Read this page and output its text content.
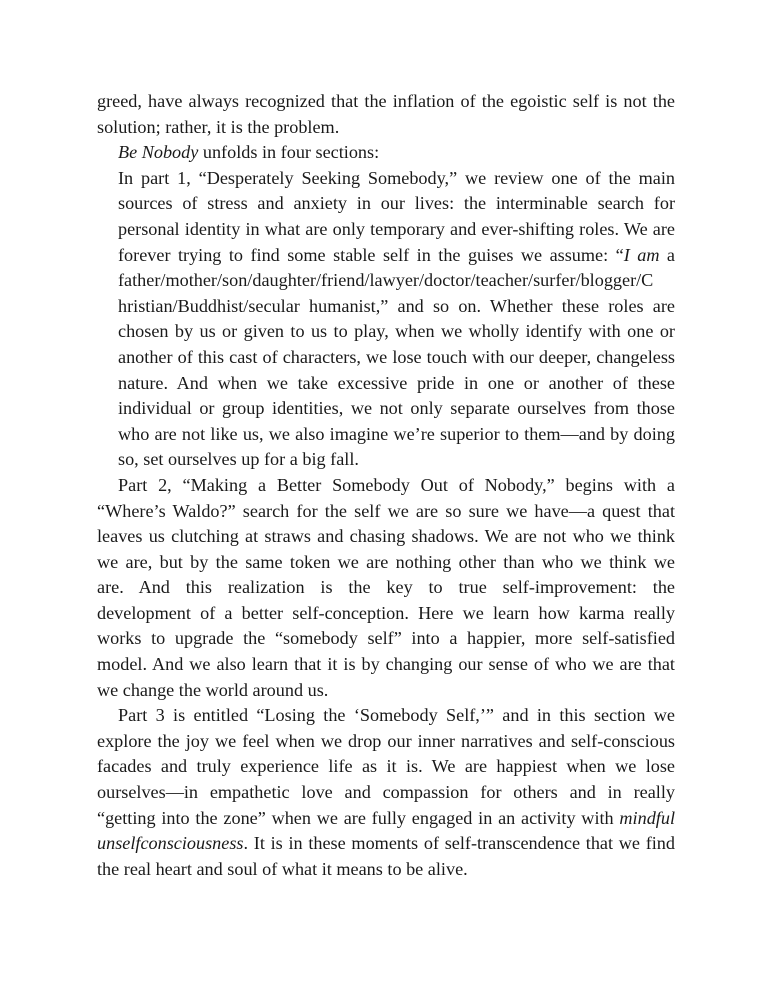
greed, have always recognized that the inflation of the egoistic self is not the
solution; rather, it is the problem.

Be Nobody unfolds in four sections:

In part 1, “Desperately Seeking Somebody,” we review one of the main
sources of stress and anxiety in our lives: the interminable search for
personal identity in what are only temporary and ever-shifting roles. We are
forever trying to find some stable self in the guises we assume: “I am a
father/mother/son/daughter/friend/lawyer/doctor/teacher/surfer/blogger/C
hristian/Buddhist/secular humanist,” and so on. Whether these roles are
chosen by us or given to us to play, when we wholly identify with one or
another of this cast of characters, we lose touch with our deeper, changeless
nature. And when we take excessive pride in one or another of these
individual or group identities, we not only separate ourselves from those
who are not like us, we also imagine we’re superior to them—and by doing
so, set ourselves up for a big fall.

Part 2, “Making a Better Somebody Out of Nobody,” begins with a
“Where’s Waldo?” search for the self we are so sure we have—a quest that
leaves us clutching at straws and chasing shadows. We are not who we think
we are, but by the same token we are nothing other than who we think we
are. And this realization is the key to true self-improvement: the
development of a better self-conception. Here we learn how karma really
works to upgrade the “somebody self” into a happier, more self-satisfied
model. And we also learn that it is by changing our sense of who we are that
we change the world around us.

Part 3 is entitled “Losing the ‘Somebody Self,’” and in this section we
explore the joy we feel when we drop our inner narratives and self-conscious
facades and truly experience life as it is. We are happiest when we lose
ourselves—in empathetic love and compassion for others and in really
“getting into the zone” when we are fully engaged in an activity with mindful
unselfconsciousness. It is in these moments of self-transcendence that we find
the real heart and soul of what it means to be alive.
